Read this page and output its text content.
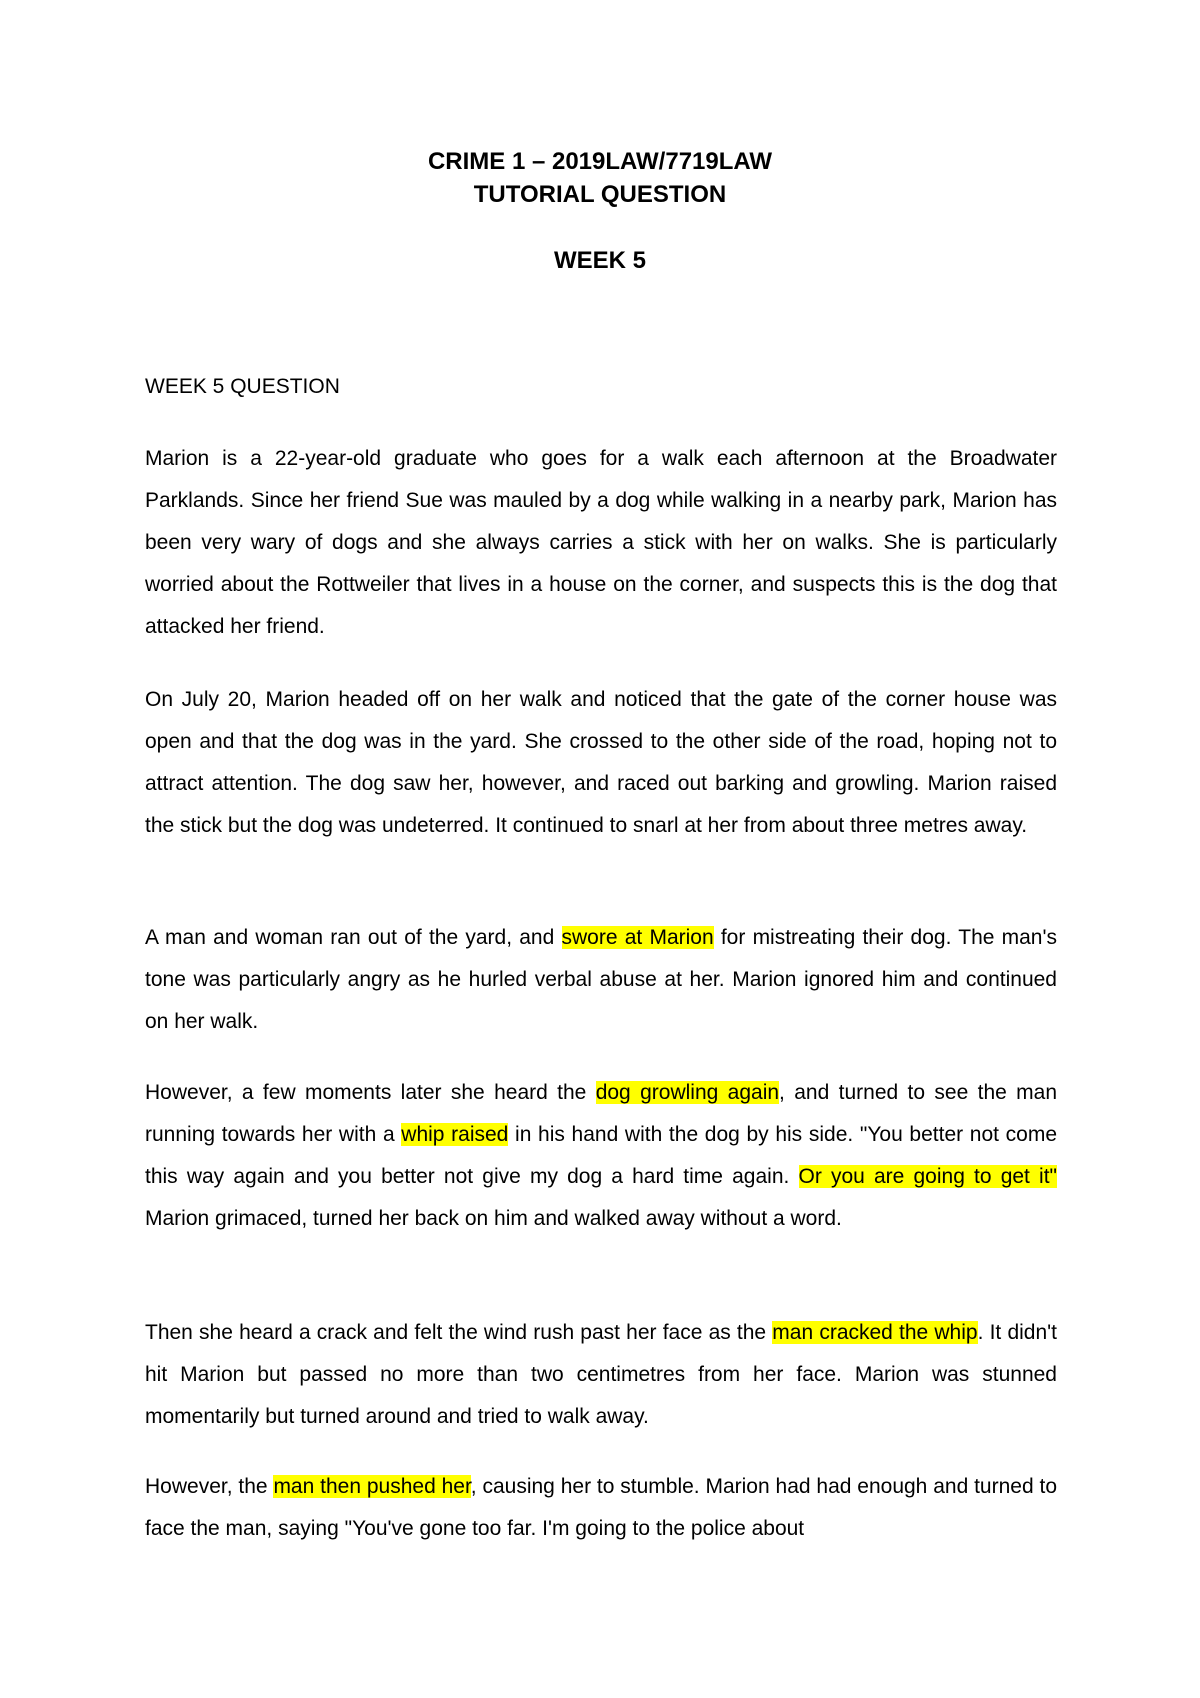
CRIME 1 – 2019LAW/7719LAW
TUTORIAL QUESTION
WEEK 5
WEEK 5 QUESTION

Marion is a 22-year-old graduate who goes for a walk each afternoon at the Broadwater Parklands. Since her friend Sue was mauled by a dog while walking in a nearby park, Marion has been very wary of dogs and she always carries a stick with her on walks. She is particularly worried about the Rottweiler that lives in a house on the corner, and suspects this is the dog that attacked her friend.

On July 20, Marion headed off on her walk and noticed that the gate of the corner house was open and that the dog was in the yard. She crossed to the other side of the road, hoping not to attract attention. The dog saw her, however, and raced out barking and growling. Marion raised the stick but the dog was undeterred. It continued to snarl at her from about three metres away.

A man and woman ran out of the yard, and swore at Marion for mistreating their dog. The man's tone was particularly angry as he hurled verbal abuse at her. Marion ignored him and continued on her walk.

However, a few moments later she heard the dog growling again, and turned to see the man running towards her with a whip raised in his hand with the dog by his side. "You better not come this way again and you better not give my dog a hard time again. Or you are going to get it" Marion grimaced, turned her back on him and walked away without a word.

Then she heard a crack and felt the wind rush past her face as the man cracked the whip. It didn't hit Marion but passed no more than two centimetres from her face. Marion was stunned momentarily but turned around and tried to walk away.

However, the man then pushed her, causing her to stumble. Marion had had enough and turned to face the man, saying "You've gone too far. I'm going to the police about
